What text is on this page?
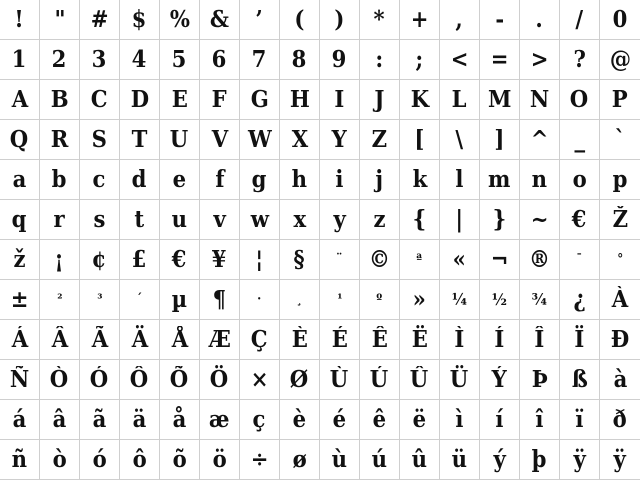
! " # $ % & ’ ( ) * + , - . / 0
1 2 3 4 5 6 7 8 9 : ; < = > ? @
A B C D E F G H I J K L M N O P
Q R S T U V W X Y Z [ \ ] ^ _ `
a b c d e f g h i j k l m n o p
q r s t u v w x y z { | } ~ € Ž
ž ¡ ¢ £ € ¥ ¦ § ¨ © ª « ¬ ® ¯	°
± ²	³	´ µ ¶ ·	¸	¹	º » ¼ ½ ¾ ¿ À
Á Â Ã Ä Å Æ Ç È É Ê Ë Ì Í Î Ï Ð
Ñ Ò Ó Ô Õ Ö × Ø Ù Ú Û Ü Ý Þ ß à
á â ã ä å æ ç è é ê ë ì í î ï ð
ñ ò ó ô õ ö ÷ ø ù ú û ü ý þ ÿ ÿ
